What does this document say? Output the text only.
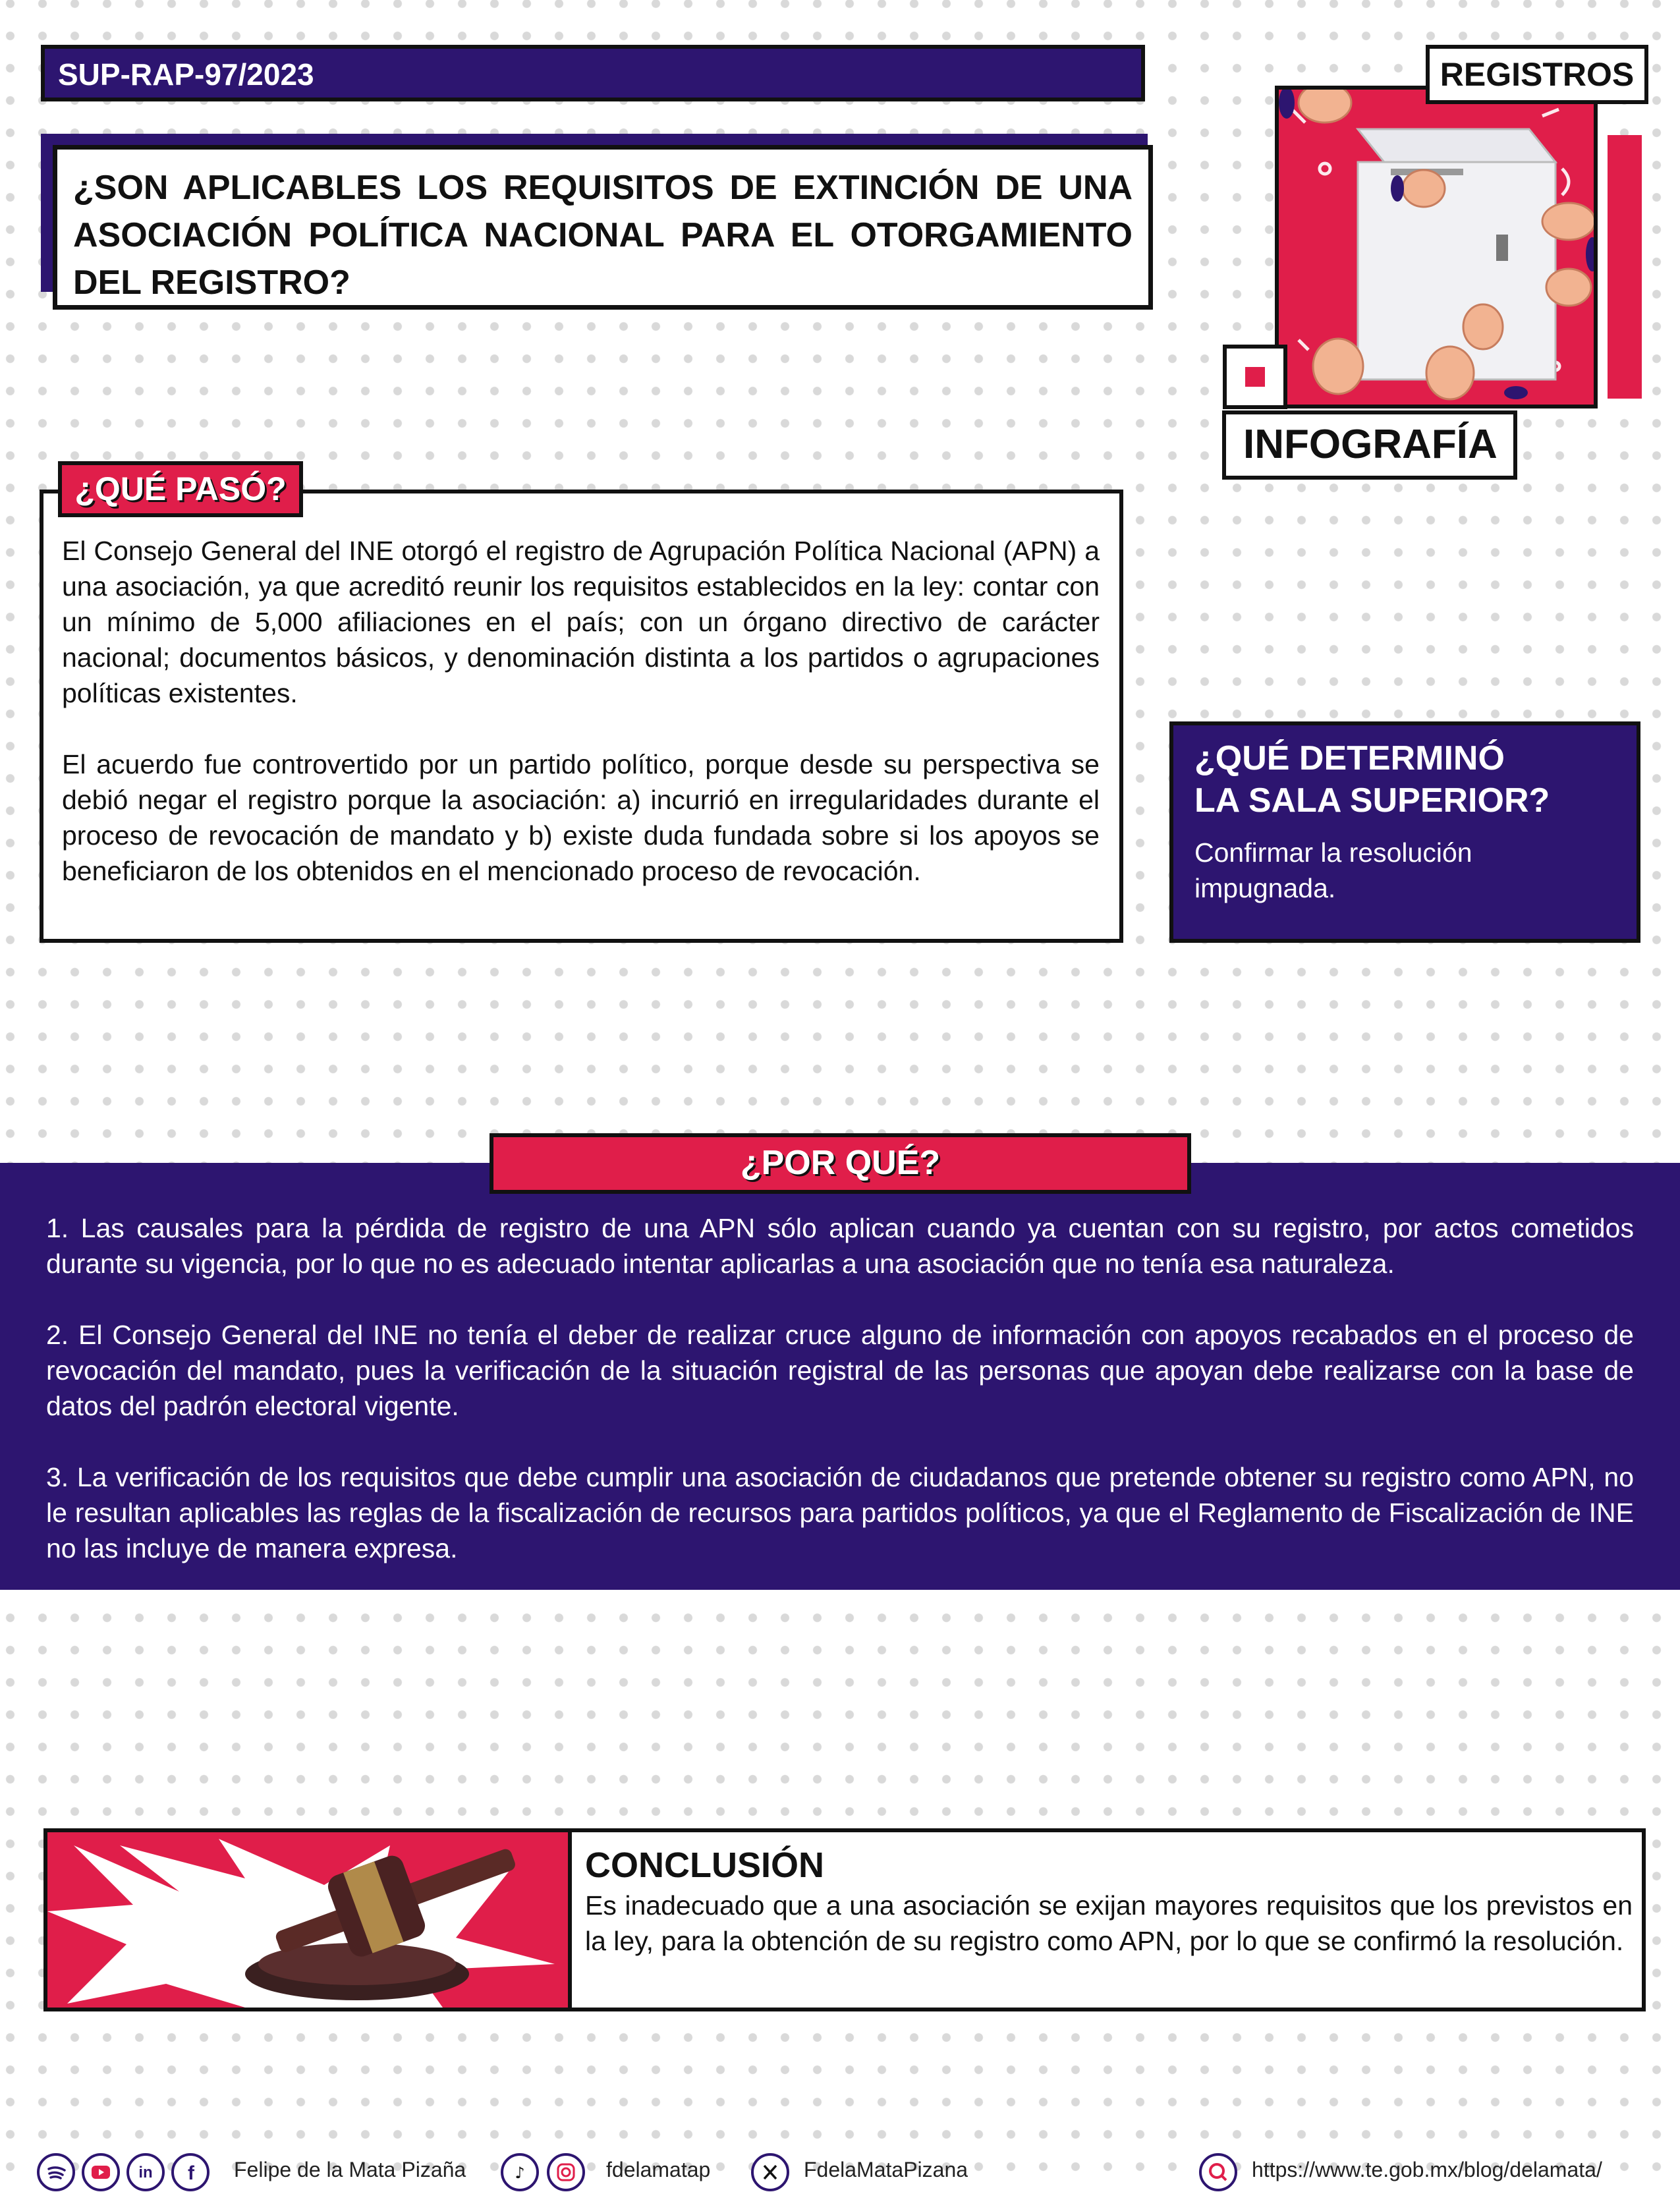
SUP-RAP-97/2023
¿SON APLICABLES LOS REQUISITOS DE EXTINCIÓN DE UNA ASOCIACIÓN POLÍTICA NACIONAL PARA EL OTORGAMIENTO DEL REGISTRO?
REGISTROS
INFOGRAFÍA

El Consejo General del INE otorgó el registro de Agrupación Política Nacional (APN) a una asociación, ya que acreditó reunir los requisitos establecidos en la ley: contar con un mínimo de 5,000 afiliaciones en el país; con un órgano directivo de carácter nacional; documentos básicos, y denominación distinta a los partidos o agrupaciones políticas existentes.

El acuerdo fue controvertido por un partido político, porque desde su perspectiva se debió negar el registro porque la asociación: a) incurrió en irregularidades durante el proceso de revocación de mandato y b) existe duda fundada sobre si los apoyos se beneficiaron de los obtenidos en el mencionado proceso de revocación.

¿QUÉ PASÓ?
¿QUÉ DETERMINÓ
LA SALA SUPERIOR?
Confirmar la resolución impugnada.

1. Las causales para la pérdida de registro de una APN sólo aplican cuando ya cuentan con su registro, por actos cometidos durante su vigencia, por lo que no es adecuado intentar aplicarlas a una asociación que no tenía esa naturaleza.

2. El Consejo General del INE no tenía el deber de realizar cruce alguno de información con apoyos recabados en el proceso de revocación del mandato, pues la verificación de la situación registral de las personas que apoyan debe realizarse con la base de datos del padrón electoral vigente.

3. La verificación de los requisitos que debe cumplir una asociación de ciudadanos que pretende obtener su registro como APN, no le resultan aplicables las reglas de la fiscalización de recursos para partidos políticos, ya que el Reglamento de Fiscalización de INE no las incluye de manera expresa.

¿POR QUÉ?
CONCLUSIÓN
Es inadecuado que a una asociación se exijan mayores requisitos que los previstos en la ley, para la obtención de su registro como APN, por lo que se confirmó la resolución.
in f Felipe de la Mata Pizaña	♪	fdelamatap	FdelaMataPizana	https://www.te.gob.mx/blog/delamata/
